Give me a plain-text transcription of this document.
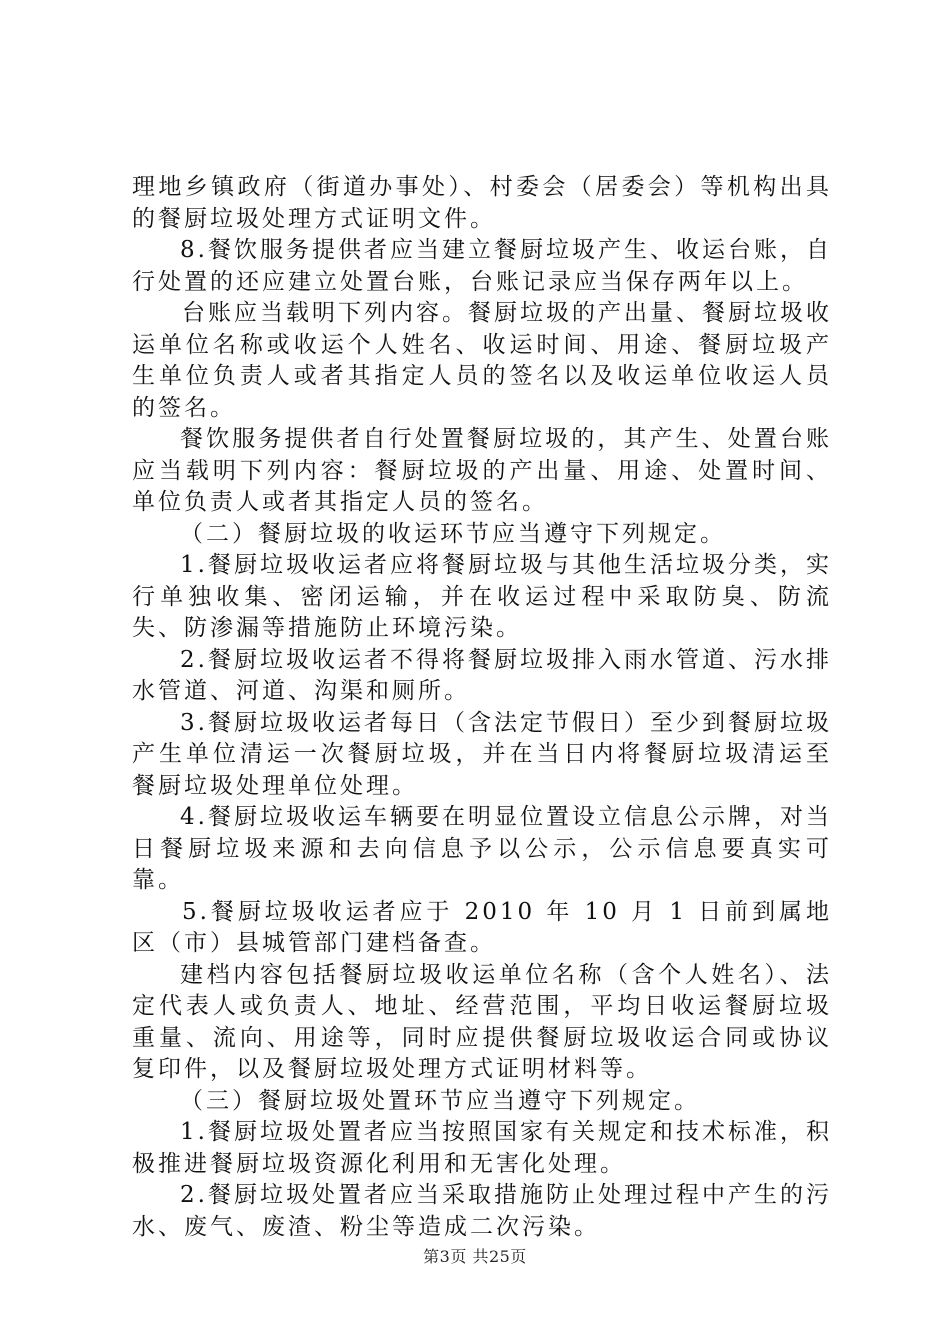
理地乡镇政府（街道办事处）、村委会（居委会）等机构出具的餐厨垃圾处理方式证明文件。

8.餐饮服务提供者应当建立餐厨垃圾产生、收运台账，自行处置的还应建立处置台账，台账记录应当保存两年以上。

台账应当载明下列内容。餐厨垃圾的产出量、餐厨垃圾收运单位名称或收运个人姓名、收运时间、用途、餐厨垃圾产生单位负责人或者其指定人员的签名以及收运单位收运人员的签名。

餐饮服务提供者自行处置餐厨垃圾的，其产生、处置台账应当载明下列内容：餐厨垃圾的产出量、用途、处置时间、单位负责人或者其指定人员的签名。

（二）餐厨垃圾的收运环节应当遵守下列规定。

1.餐厨垃圾收运者应将餐厨垃圾与其他生活垃圾分类，实行单独收集、密闭运输，并在收运过程中采取防臭、防流失、防渗漏等措施防止环境污染。

2.餐厨垃圾收运者不得将餐厨垃圾排入雨水管道、污水排水管道、河道、沟渠和厕所。

3.餐厨垃圾收运者每日（含法定节假日）至少到餐厨垃圾产生单位清运一次餐厨垃圾，并在当日内将餐厨垃圾清运至餐厨垃圾处理单位处理。

4.餐厨垃圾收运车辆要在明显位置设立信息公示牌，对当日餐厨垃圾来源和去向信息予以公示，公示信息要真实可靠。

5.餐厨垃圾收运者应于 2010 年 10 月 1 日前到属地区（市）县城管部门建档备查。

建档内容包括餐厨垃圾收运单位名称（含个人姓名）、法定代表人或负责人、地址、经营范围，平均日收运餐厨垃圾重量、流向、用途等，同时应提供餐厨垃圾收运合同或协议复印件，以及餐厨垃圾处理方式证明材料等。

（三）餐厨垃圾处置环节应当遵守下列规定。

1.餐厨垃圾处置者应当按照国家有关规定和技术标准，积极推进餐厨垃圾资源化利用和无害化处理。

2.餐厨垃圾处置者应当采取措施防止处理过程中产生的污水、废气、废渣、粉尘等造成二次污染。

第3页 共25页
